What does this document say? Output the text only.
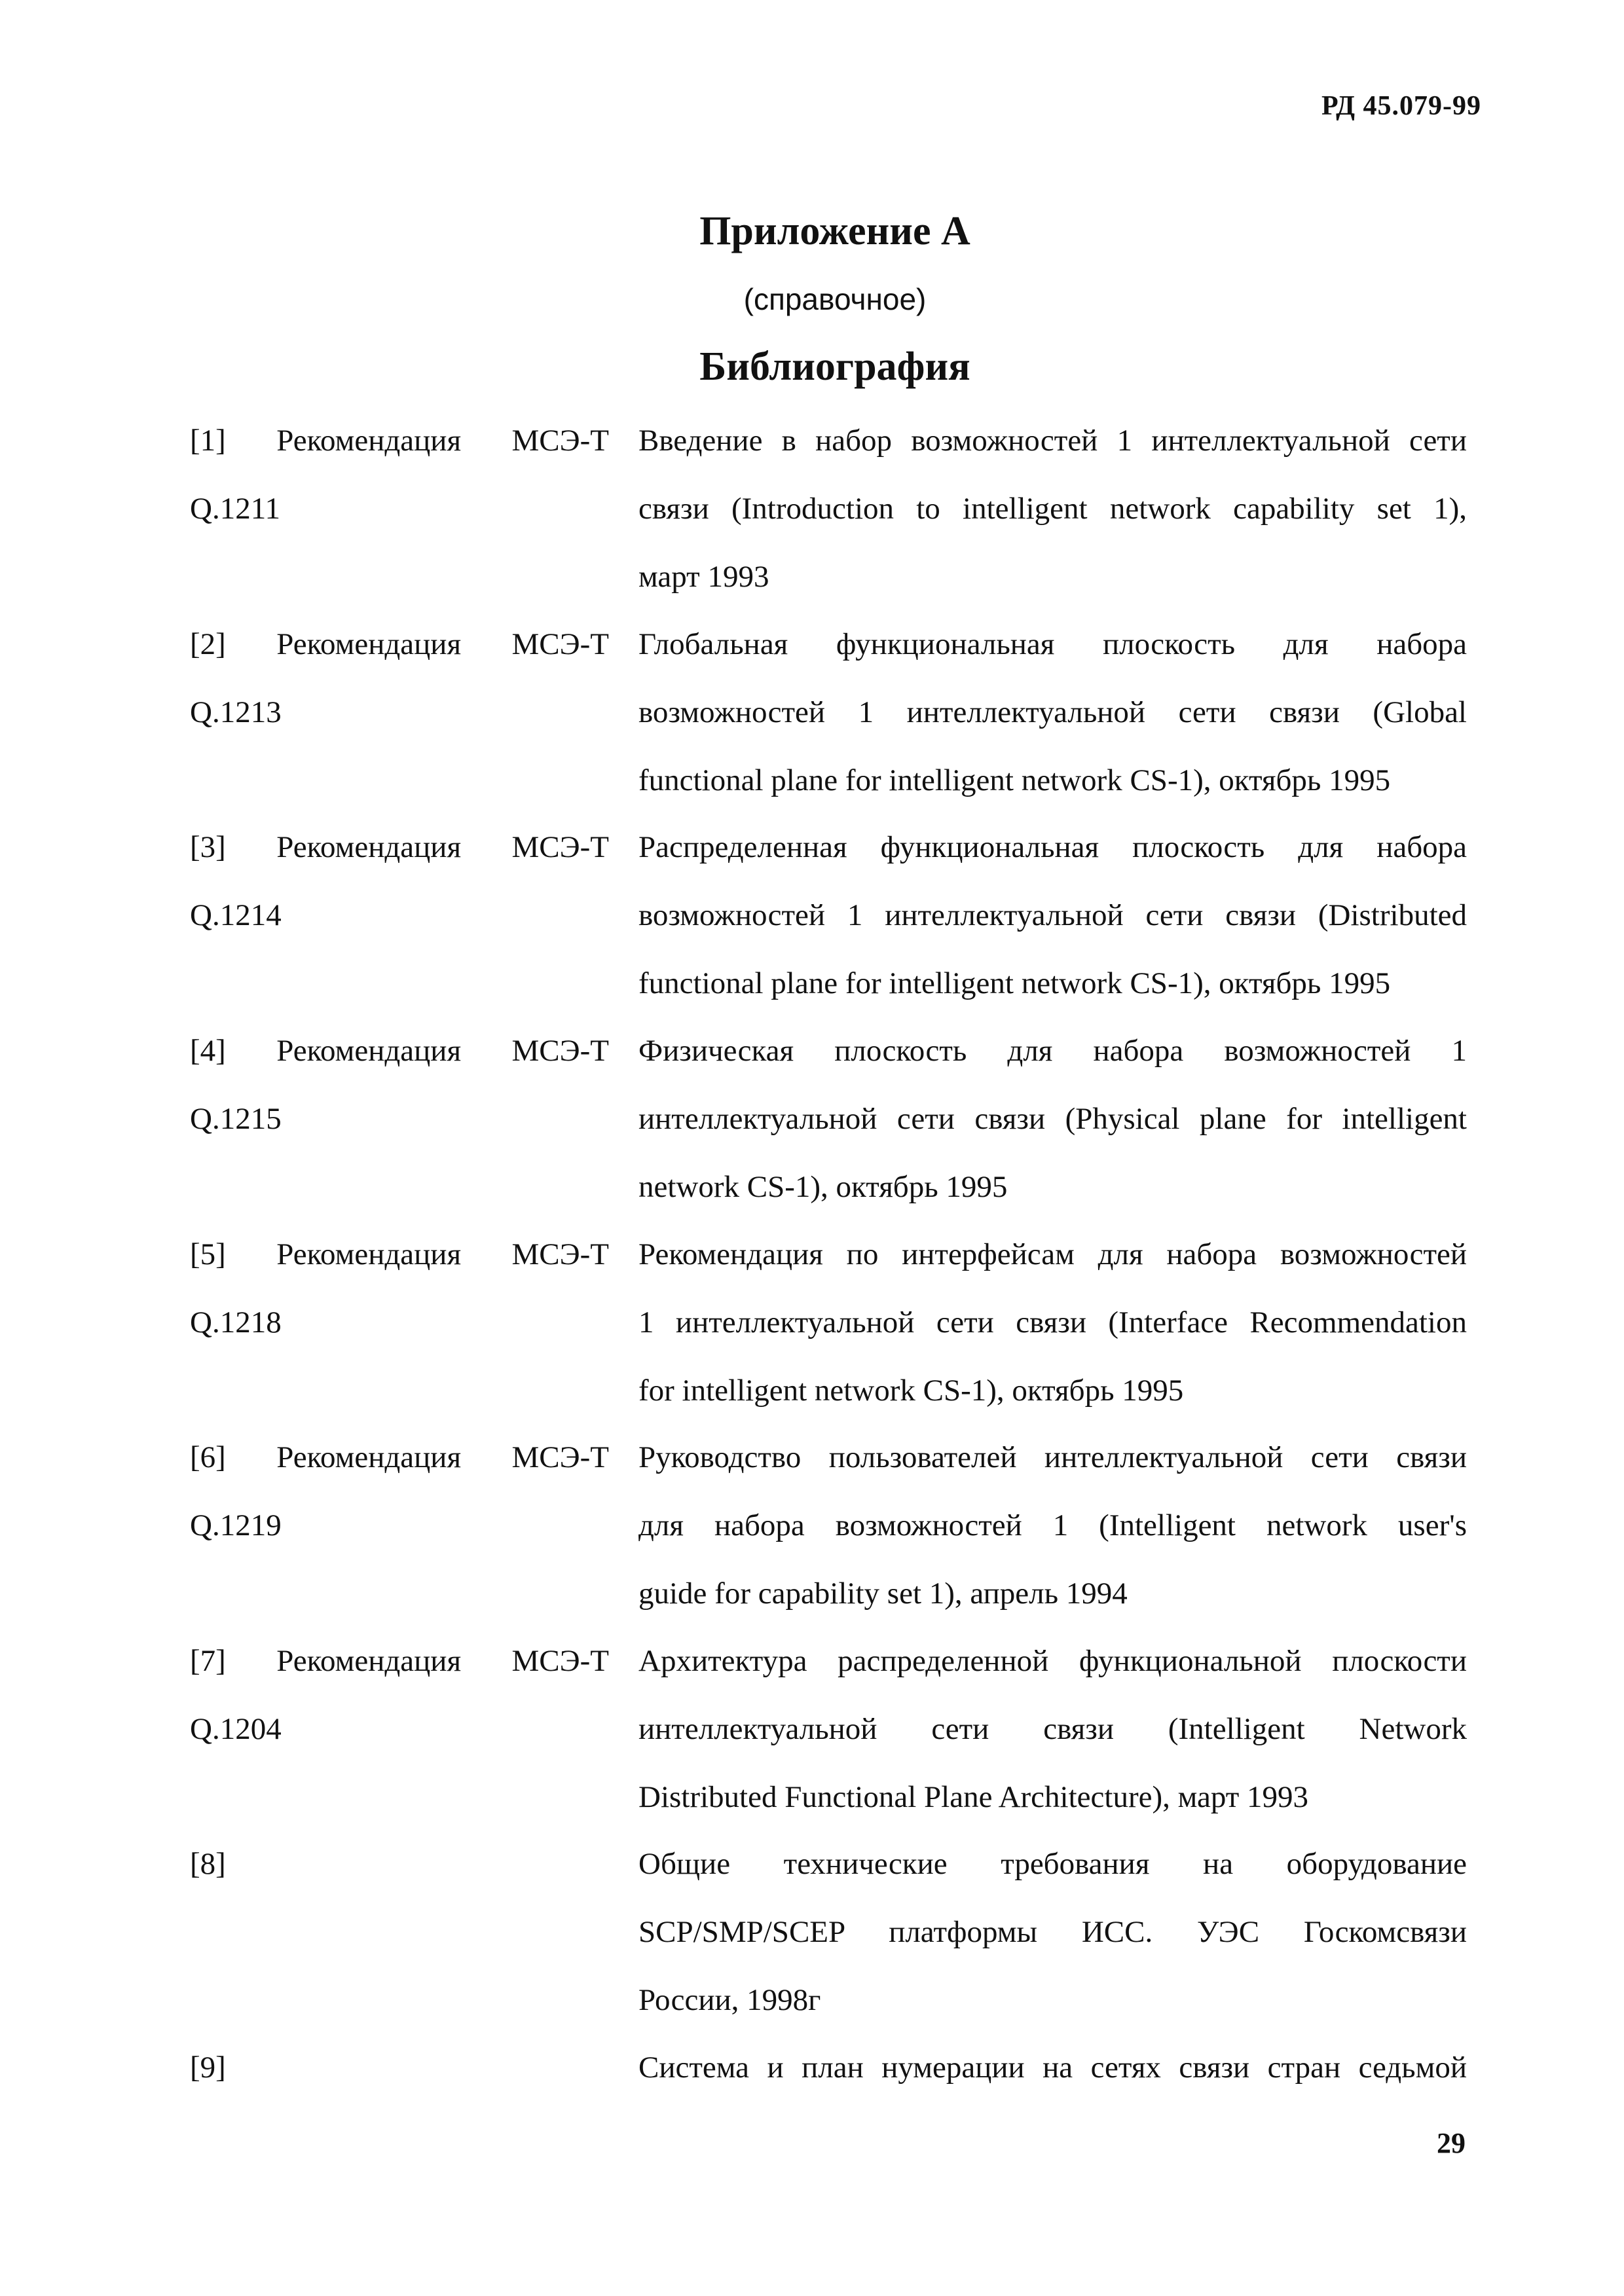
РД 45.079-99
Приложение А
(справочное)
Библиография
[1] Рекомендация МСЭ-Т
Q.1211
Введение в набор возможностей 1 интеллектуальной сети
связи (Introduction to intelligent network capability set 1),
март 1993
[2] Рекомендация МСЭ-Т
Q.1213
Глобальная функциональная плоскость для набора
возможностей 1 интеллектуальной сети связи (Global
functional plane for intelligent network CS-1), октябрь 1995
[3] Рекомендация МСЭ-Т
Q.1214
Распределенная функциональная плоскость для набора
возможностей 1 интеллектуальной сети связи (Distributed
functional plane for intelligent network CS-1), октябрь 1995
[4] Рекомендация МСЭ-Т
Q.1215
Физическая плоскость для набора возможностей 1
интеллектуальной сети связи (Physical plane for intelligent
network CS-1), октябрь 1995
[5] Рекомендация МСЭ-Т
Q.1218
Рекомендация по интерфейсам для набора возможностей
1 интеллектуальной сети связи (Interface Recommendation
for intelligent network CS-1), октябрь 1995
[6] Рекомендация МСЭ-Т
Q.1219
Руководство пользователей интеллектуальной сети связи
для набора возможностей 1 (Intelligent network user's
guide for capability set 1), апрель 1994
[7] Рекомендация МСЭ-Т
Q.1204
Архитектура распределенной функциональной плоскости
интеллектуальной сети связи (Intelligent Network
Distributed Functional Plane Architecture), март 1993
[8]	Общие технические требования на оборудование
SCP/SMP/SCEP платформы ИСС. УЭС Госкомсвязи
России, 1998г
[9]	Система и план нумерации на сетях связи стран седьмой
29
